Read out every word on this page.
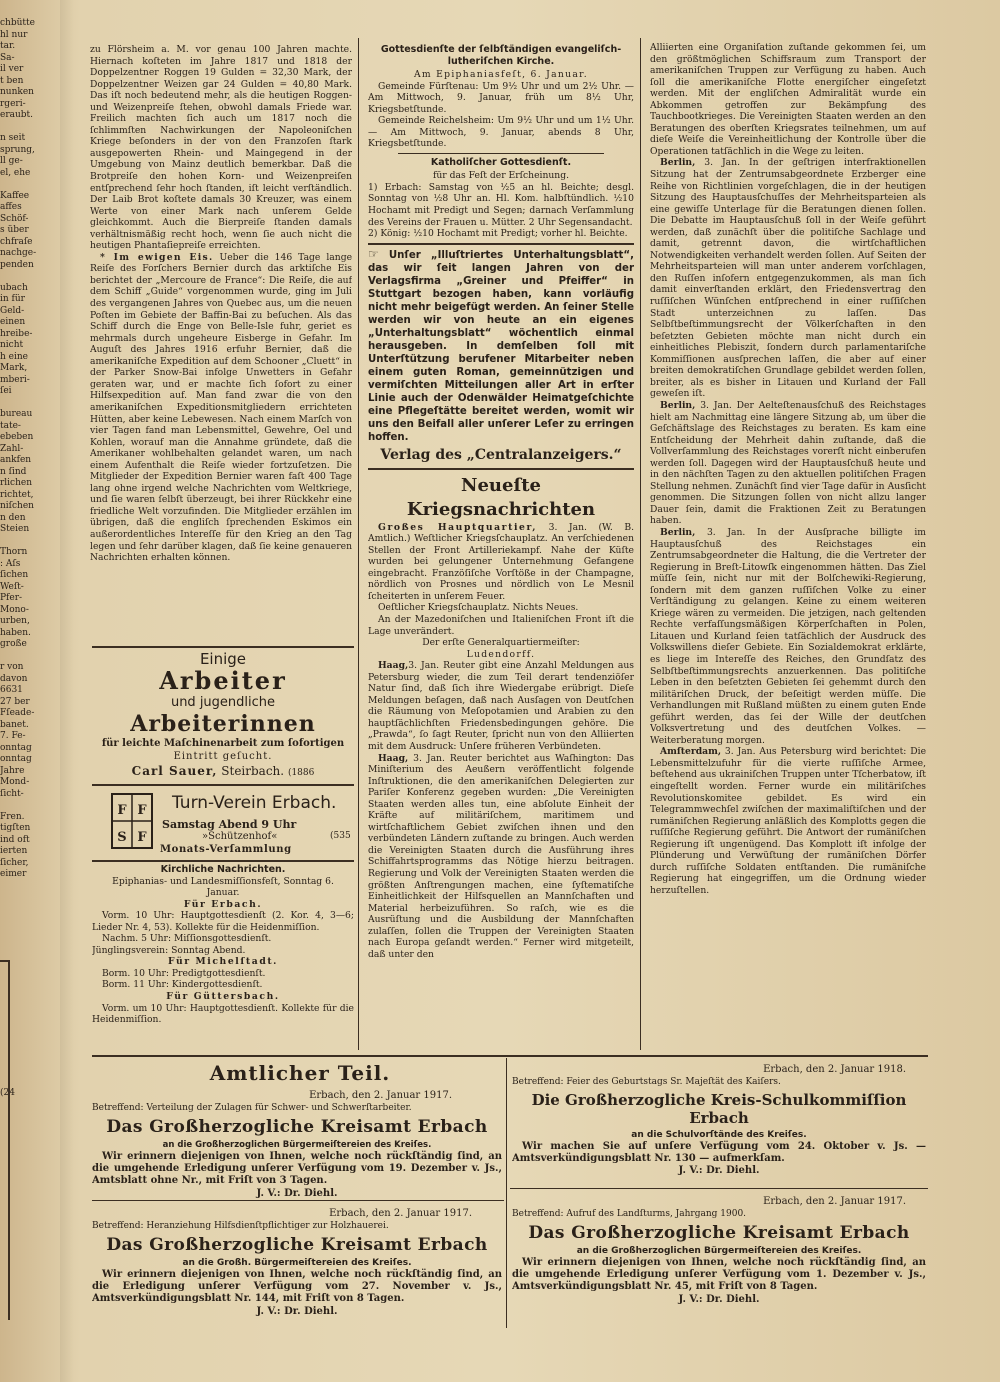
chbütte

hl nur

tar.

Sa-

il ver

t ben

nunken

rgeri-

eraubt.

n seit

sprung,

ll ge-

el, ehe

Kaffee

affes

Schöf-

s über

chfraſe

nachge-

penden

ubach

in für

Geld-

einen

hreibe-

nicht

h eine

Mark,

mberi-

ſei

bureau

tate-

ebeben

Zahl-

ankfen

n ſind

rlichen

richtet,

niſchen

n den

Steien

Thorn

: Aſs

ſichen

Weſt-

Pfer-

Mono-

urben,

haben.

große

r von

davon

6631

27 ber

Fſeade-

banet.

7. Fe-

onntag

onntag

Jahre

Mond-

ſicht-

Fren.

tigſten

ind oft

ierten

ſicher,

eimer

(24

zu Flörsheim a. M. vor genau 100 Jahren machte. Hiernach koſteten im Jahre 1817 und 1818 der Doppelzentner Roggen 19 Gulden = 32,30 Mark, der Doppelzentner Weizen gar 24 Gulden = 40,80 Mark. Das iſt noch bedeutend mehr, als die heutigen Roggen- und Weizenpreiſe ſtehen, obwohl damals Friede war. Freilich machten ſich auch um 1817 noch die ſchlimmſten Nachwirkungen der Napoleoniſchen Kriege beſonders in der von den Franzoſen ſtark ausgepowerten Rhein- und Maingegend in der Umgebung von Mainz deutlich bemerkbar. Daß die Brotpreiſe den hohen Korn- und Weizenpreiſen entſprechend ſehr hoch ſtanden, iſt leicht verſtändlich. Der Laib Brot koſtete damals 30 Kreuzer, was einem Werte von einer Mark nach unſerem Gelde gleichkommt. Auch die Bierpreiſe ſtanden damals verhältnismäßig recht hoch, wenn ſie auch nicht die heutigen Phantaſiepreiſe erreichten.

* Im ewigen Eis. Ueber die 146 Tage lange Reiſe des Forſchers Bernier durch das arktiſche Eis berichtet der „Mercoure de France“: Die Reiſe, die auf dem Schiff „Guide“ vorgenommen wurde, ging im Juli des vergangenen Jahres von Quebec aus, um die neuen Poſten im Gebiete der Baffin-Bai zu beſuchen. Als das Schiff durch die Enge von Belle-Isle fuhr, geriet es mehrmals durch ungeheure Eisberge in Gefahr. Im Auguſt des Jahres 1916 erfuhr Bernier, daß die amerikaniſche Expedition auf dem Schooner „Cluett“ in der Parker Snow-Bai infolge Unwetters in Gefahr geraten war, und er machte ſich ſofort zu einer Hilfsexpedition auf. Man fand zwar die von den amerikaniſchen Expeditionsmitgliedern errichteten Hütten, aber keine Lebewesen. Nach einem Marſch von vier Tagen fand man Lebensmittel, Gewehre, Oel und Kohlen, worauf man die Annahme gründete, daß die Amerikaner wohlbehalten gelandet waren, um nach einem Aufenthalt die Reiſe wieder fortzuſetzen. Die Mitglieder der Expedition Bernier waren faſt 400 Tage lang ohne irgend welche Nachrichten vom Weltkriege, und ſie waren ſelbſt überzeugt, bei ihrer Rückkehr eine friedliche Welt vorzufinden. Die Mitglieder erzählen im übrigen, daß die engliſch ſprechenden Eskimos ein außerordentliches Intereſſe für den Krieg an den Tag legen und ſehr darüber klagen, daß ſie keine genaueren Nachrichten erhalten können.

Einige
Arbeiter
und jugendliche
Arbeiterinnen
für leichte Maſchinenarbeit zum ſofortigen
Eintritt geſucht.
Carl Sauer, Steirbach. (1886
F F
S F
Turn-Verein Erbach.
Samstag Abend 9 Uhr
»Schützenhof«	(535
Monats-Verſammlung
Kirchliche Nachrichten.

Epiphanias- und Landesmiſſionsfeſt, Sonntag 6. Januar.

Für Erbach.

Vorm. 10 Uhr: Hauptgottesdienſt (2. Kor. 4, 3—6; Lieder Nr. 4, 53). Kollekte für die Heidenmiſſion.

Nachm. 5 Uhr: Miſſionsgottesdienſt.

Jünglingsverein: Sonntag Abend.

Für Michelſtadt.

Borm. 10 Uhr: Predigtgottesdienſt.

Borm. 11 Uhr: Kindergottesdienſt.

Für Güttersbach.

Vorm. um 10 Uhr: Hauptgottesdienſt. Kollekte für die Heidenmiſſion.

Gottesdienſte der ſelbſtändigen evangeliſch-lutheriſchen Kirche.

Am Epiphaniasfeſt, 6. Januar.

Gemeinde Fürſtenau: Um 9½ Uhr und um 2½ Uhr. — Am Mittwoch, 9. Januar, früh um 8½ Uhr, Kriegsbetſtunde.

Gemeinde Reichelsheim: Um 9½ Uhr und um 1½ Uhr. — Am Mittwoch, 9. Januar, abends 8 Uhr, Kriegsbetſtunde.

Katholiſcher Gottesdienſt.

für das Feſt der Erſcheinung.

1) Erbach: Samstag von ½5 an hl. Beichte; desgl. Sonntag von ½8 Uhr an. Hl. Kom. halbſtündlich. ½10 Hochamt mit Predigt und Segen; darnach Verſammlung des Vereins der Frauen u. Mütter. 2 Uhr Segensandacht.

2) König: ½10 Hochamt mit Predigt; vorher hl. Beichte.

☞ Unſer „Illuſtriertes Unterhaltungsblatt“, das wir ſeit langen Jahren von der Verlagsfirma „Greiner und Pfeiffer“ in Stuttgart bezogen haben, kann vorläufig nicht mehr beigefügt werden. An ſeiner Stelle werden wir von heute an ein eigenes „Unterhaltungsblatt“ wöchentlich einmal herausgeben. In demſelben ſoll mit Unterſtützung berufener Mitarbeiter neben einem guten Roman, gemeinnützigen und vermiſchten Mitteilungen aller Art in erſter Linie auch der Odenwälder Heimatgeſchichte eine Pflegeſtätte bereitet werden, womit wir uns den Beifall aller unſerer Leſer zu erringen hoffen.

Verlag des „Centralanzeigers.“

Neueſte Kriegsnachrichten

Großes Hauptquartier, 3. Jan. (W. B. Amtlich.) Weſtlicher Kriegsſchauplatz. An verſchiedenen Stellen der Front Artilleriekampf. Nahe der Küſte wurden bei gelungener Unternehmung Gefangene eingebracht. Franzöſiſche Vorſtöße in der Champagne, nördlich von Prosnes und nördlich von Le Mesnil ſcheiterten in unſerem Feuer.

Oeſtlicher Kriegsſchauplatz. Nichts Neues.

An der Mazedoniſchen und Italieniſchen Front iſt die Lage unverändert.

Der erſte Generalquartiermeiſter:

Ludendorff.

Haag,3. Jan. Reuter gibt eine Anzahl Meldungen aus Petersburg wieder, die zum Teil derart tendenziöſer Natur ſind, daß ſich ihre Wiedergabe erübrigt. Dieſe Meldungen beſagen, daß nach Ausſagen von Deutſchen die Räumung von Meſopotamien und Arabien zu den hauptſächlichſten Friedensbedingungen gehöre. Die „Prawda“, ſo ſagt Reuter, ſpricht nun von den Alliierten mit dem Ausdruck: Unſere früheren Verbündeten.

Haag, 3. Jan. Reuter berichtet aus Waſhington: Das Miniſterium des Aeußern veröffentlicht folgende Inſtruktionen, die den amerikaniſchen Delegierten zur Pariſer Konferenz gegeben wurden: „Die Vereinigten Staaten werden alles tun, eine abſolute Einheit der Kräfte auf militäriſchem, maritimem und wirtſchaftlichem Gebiet zwiſchen ihnen und den verbündeten Ländern zuſtande zu bringen. Auch werden die Vereinigten Staaten durch die Ausführung ihres Schiffahrtsprogramms das Nötige hierzu beitragen. Regierung und Volk der Vereinigten Staaten werden die größten Anſtrengungen machen, eine ſyſtematiſche Einheitlichkeit der Hilfsquellen an Mannſchaften und Material herbeizuführen. So raſch, wie es die Ausrüſtung und die Ausbildung der Mannſchaften zulaſſen, ſollen die Truppen der Vereinigten Staaten nach Europa geſandt werden.“ Ferner wird mitgeteilt, daß unter den

Alliierten eine Organiſation zuſtande gekommen ſei, um den größtmöglichen Schiffsraum zum Transport der amerikaniſchen Truppen zur Verfügung zu haben. Auch ſoll die amerikaniſche Flotte energiſcher eingeſetzt werden. Mit der engliſchen Admiralität wurde ein Abkommen getroffen zur Bekämpfung des Tauchbootkrieges. Die Vereinigten Staaten werden an den Beratungen des oberſten Kriegsrates teilnehmen, um auf dieſe Weiſe die Vereinheitlichung der Kontrolle über die Operationen tatſächlich in die Wege zu leiten.

Berlin, 3. Jan. In der geſtrigen interfraktionellen Sitzung hat der Zentrumsabgeordnete Erzberger eine Reihe von Richtlinien vorgeſchlagen, die in der heutigen Sitzung des Hauptausſchuſſes der Mehrheitsparteien als eine gewiſſe Unterlage für die Beratungen dienen ſollen. Die Debatte im Hauptausſchuß ſoll in der Weiſe geführt werden, daß zunächſt über die politiſche Sachlage und damit, getrennt davon, die wirtſchaftlichen Notwendigkeiten verhandelt werden ſollen. Auf Seiten der Mehrheitsparteien will man unter anderem vorſchlagen, den Ruſſen inſofern entgegenzukommen, als man ſich damit einverſtanden erklärt, den Friedensvertrag den ruſſiſchen Wünſchen entſprechend in einer ruſſiſchen Stadt unterzeichnen zu laſſen. Das Selbſtbeſtimmungsrecht der Völkerſchaften in den beſetzten Gebieten möchte man nicht durch ein einheitliches Plebiszit, ſondern durch parlamentariſche Kommiſſionen ausſprechen laſſen, die aber auf einer breiten demokratiſchen Grundlage gebildet werden ſollen, breiter, als es bisher in Litauen und Kurland der Fall geweſen iſt.

Berlin, 3. Jan. Der Aelteſtenausſchuß des Reichstages hielt am Nachmittag eine längere Sitzung ab, um über die Geſchäftslage des Reichstages zu beraten. Es kam eine Entſcheidung der Mehrheit dahin zuſtande, daß die Vollverſammlung des Reichstages vorerſt nicht einberufen werden ſoll. Dagegen wird der Hauptausſchuß heute und in den nächſten Tagen zu den aktuellen politiſchen Fragen Stellung nehmen. Zunächſt ſind vier Tage dafür in Ausſicht genommen. Die Sitzungen ſollen von nicht allzu langer Dauer ſein, damit die Fraktionen Zeit zu Beratungen haben.

Berlin, 3. Jan. In der Ausſprache billigte im Hauptausſchuß des Reichstages ein Zentrumsabgeordneter die Haltung, die die Vertreter der Regierung in Breſt-Litowſk eingenommen hätten. Das Ziel müſſe ſein, nicht nur mit der Bolſchewiki-Regierung, ſondern mit dem ganzen ruſſiſchen Volke zu einer Verſtändigung zu gelangen. Keine zu einem weiteren Kriege wären zu vermeiden. Die jetzigen, nach geltenden Rechte verfaſſungsmäßigen Körperſchaften in Polen, Litauen und Kurland ſeien tatſächlich der Ausdruck des Volkswillens dieſer Gebiete. Ein Sozialdemokrat erklärte, es liege im Intereſſe des Reiches, den Grundſatz des Selbſtbeſtimmungsrechts anzuerkennen. Das politiſche Leben in den beſetzten Gebieten ſei gehemmt durch den militäriſchen Druck, der beſeitigt werden müſſe. Die Verhandlungen mit Rußland müßten zu einem guten Ende geführt werden, das ſei der Wille der deutſchen Volksvertretung und des deutſchen Volkes. — Weiterberatung morgen.

Amſterdam, 3. Jan. Aus Petersburg wird berichtet: Die Lebensmittelzufuhr für die vierte ruſſiſche Armee, beſtehend aus ukrainiſchen Truppen unter Tſcherbatow, iſt eingeſtellt worden. Ferner wurde ein militäriſches Revolutionskomitee gebildet. Es wird ein Telegrammwechſel zwiſchen der maximaliſtiſchen und der rumäniſchen Regierung anläßlich des Komplotts gegen die ruſſiſche Regierung geführt. Die Antwort der rumäniſchen Regierung iſt ungenügend. Das Komplott iſt infolge der Plünderung und Verwüſtung der rumäniſchen Dörfer durch ruſſiſche Soldaten entſtanden. Die rumäniſche Regierung hat eingegriffen, um die Ordnung wieder herzuſtellen.

Amtlicher Teil.

Erbach, den 2. Januar 1917.

Betreffend: Verteilung der Zulagen für Schwer- und Schwerſtarbeiter.

Das Großherzogliche Kreisamt Erbach

an die Großherzoglichen Bürgermeiſtereien des Kreiſes.

Wir erinnern diejenigen von Ihnen, welche noch rückſtändig ſind, an die umgehende Erledigung unſerer Verfügung vom 19. Dezember v. Js., Amtsblatt ohne Nr., mit Friſt von 3 Tagen.

J. V.: Dr. Diehl.

Erbach, den 2. Januar 1917.

Betreffend: Heranziehung Hilfsdienſtpflichtiger zur Holzhauerei.

Das Großherzogliche Kreisamt Erbach

an die Großh. Bürgermeiſtereien des Kreiſes.

Wir erinnern diejenigen von Ihnen, welche noch rückſtändig ſind, an die Erledigung unſerer Verfügung vom 27. November v. Js., Amtsverkündigungsblatt Nr. 144, mit Friſt von 8 Tagen.

J. V.: Dr. Diehl.

Erbach, den 2. Januar 1918.

Betreffend: Feier des Geburtstags Sr. Majeſtät des Kaiſers.

Die Großherzogliche Kreis-Schulkommiſſion Erbach

an die Schulvorſtände des Kreiſes.

Wir machen Sie auf unſere Verfügung vom 24. Oktober v. Js. — Amtsverkündigungsblatt Nr. 130 — aufmerkſam.

J. V.: Dr. Diehl.

Erbach, den 2. Januar 1917.

Betreffend: Aufruf des Landſturms, Jahrgang 1900.

Das Großherzogliche Kreisamt Erbach

an die Großherzoglichen Bürgermeiſtereien des Kreiſes.

Wir erinnern diejenigen von Ihnen, welche noch rückſtändig ſind, an die umgehende Erledigung unſerer Verfügung vom 1. Dezember v. Js., Amtsverkündigungsblatt Nr. 45, mit Friſt von 8 Tagen.

J. V.: Dr. Diehl.
